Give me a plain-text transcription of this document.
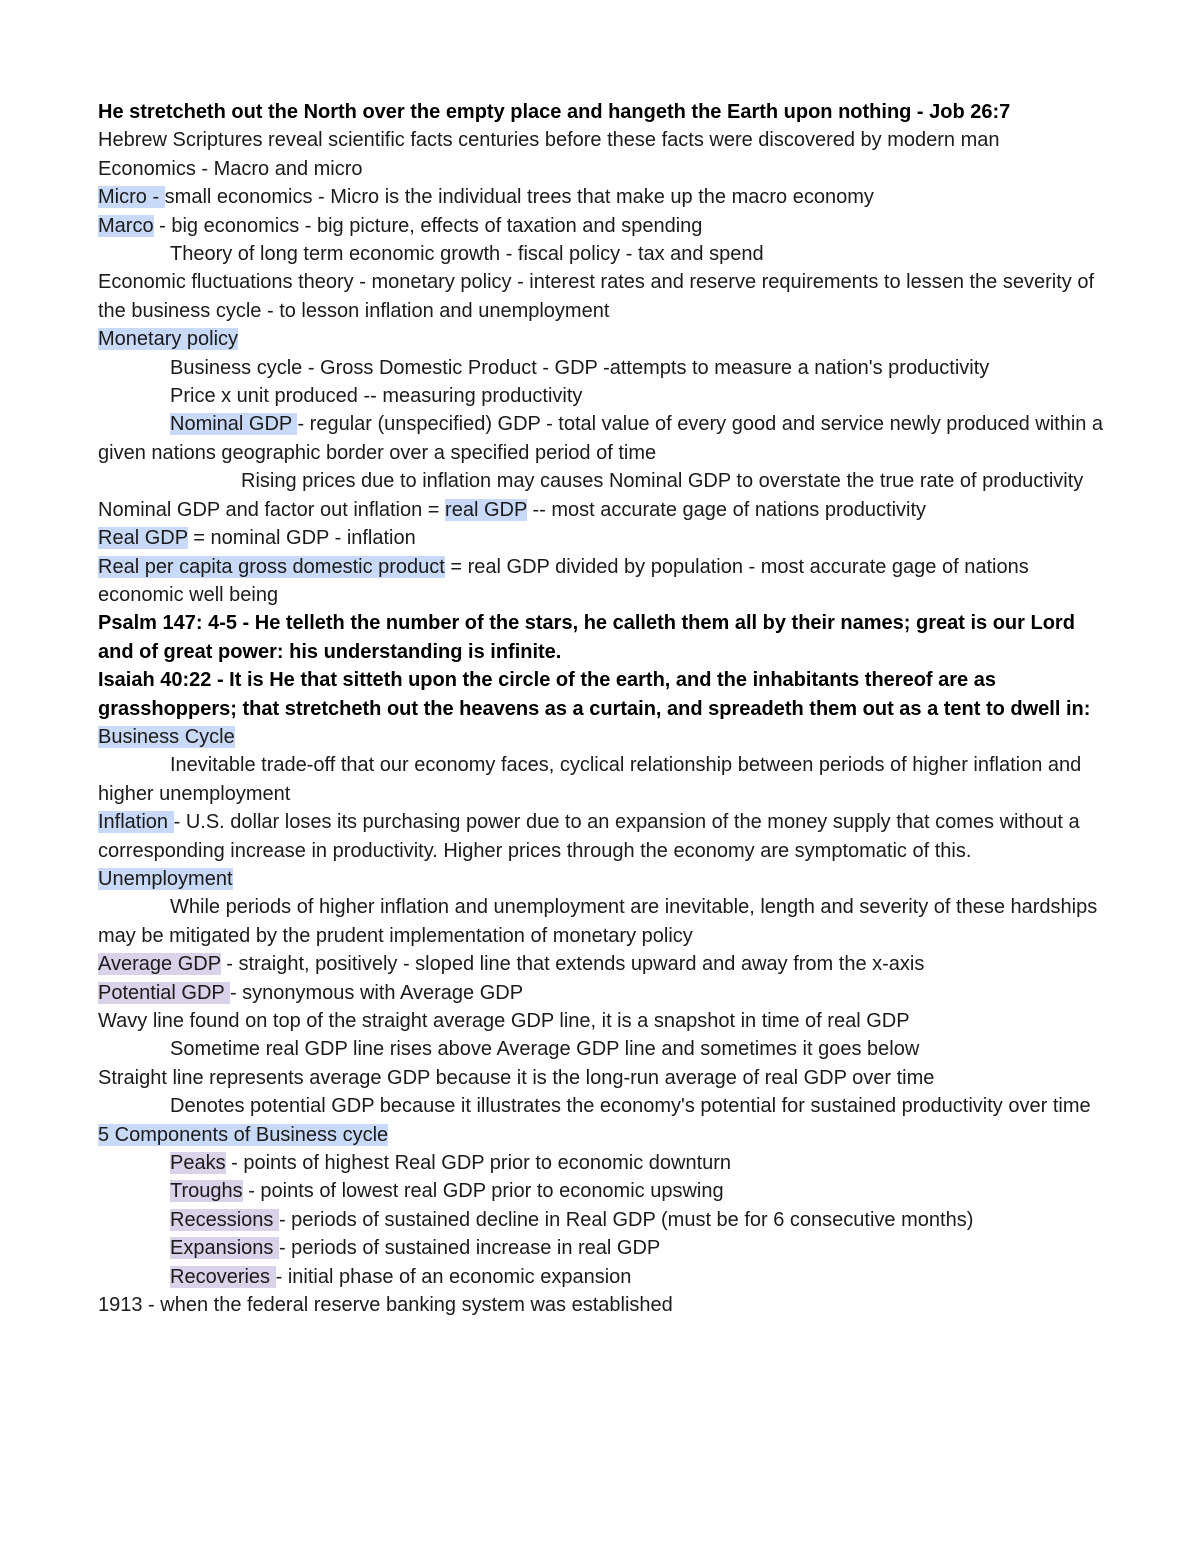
He stretcheth out the North over the empty place and hangeth the Earth upon nothing - Job 26:7

Hebrew Scriptures reveal scientific facts centuries before these facts were discovered by modern man

Economics - Macro and micro

Micro - small economics - Micro is the individual trees that make up the macro economy

Marco - big economics - big picture, effects of taxation and spending

Theory of long term economic growth - fiscal policy - tax and spend

Economic fluctuations theory - monetary policy - interest rates and reserve requirements to lessen the severity of the business cycle - to lesson inflation and unemployment

Monetary policy

Business cycle - Gross Domestic Product - GDP -attempts to measure a nation's productivity

Price x unit produced -- measuring productivity

Nominal GDP - regular (unspecified) GDP - total value of every good and service newly produced within a given nations geographic border over a specified period of time

Rising prices due to inflation may causes Nominal GDP to overstate the true rate of productivity

Nominal GDP and factor out inflation = real GDP -- most accurate gage of nations productivity

Real GDP = nominal GDP - inflation

Real per capita gross domestic product = real GDP divided by population - most accurate gage of nations economic well being

Psalm 147: 4-5 - He telleth the number of the stars, he calleth them all by their names; great is our Lord and of great power: his understanding is infinite.

Isaiah 40:22 - It is He that sitteth upon the circle of the earth, and the inhabitants thereof are as grasshoppers; that stretcheth out the heavens as a curtain, and spreadeth them out as a tent to dwell in:

Business Cycle

Inevitable trade-off that our economy faces, cyclical relationship between periods of higher inflation and higher unemployment

Inflation - U.S. dollar loses its purchasing power due to an expansion of the money supply that comes without a corresponding increase in productivity. Higher prices through the economy are symptomatic of this.

Unemployment

While periods of higher inflation and unemployment are inevitable, length and severity of these hardships may be mitigated by the prudent implementation of monetary policy

Average GDP - straight, positively - sloped line that extends upward and away from the x-axis

Potential GDP - synonymous with Average GDP

Wavy line found on top of the straight average GDP line, it is a snapshot in time of real GDP

Sometime real GDP line rises above Average GDP line and sometimes it goes below

Straight line represents average GDP because it is the long-run average of real GDP over time

Denotes potential GDP because it illustrates the economy's potential for sustained productivity over time

5 Components of Business cycle

Peaks - points of highest Real GDP prior to economic downturn

Troughs - points of lowest real GDP prior to economic upswing

Recessions - periods of sustained decline in Real GDP (must be for 6 consecutive months)

Expansions - periods of sustained increase in real GDP

Recoveries - initial phase of an economic expansion

1913 - when the federal reserve banking system was established
